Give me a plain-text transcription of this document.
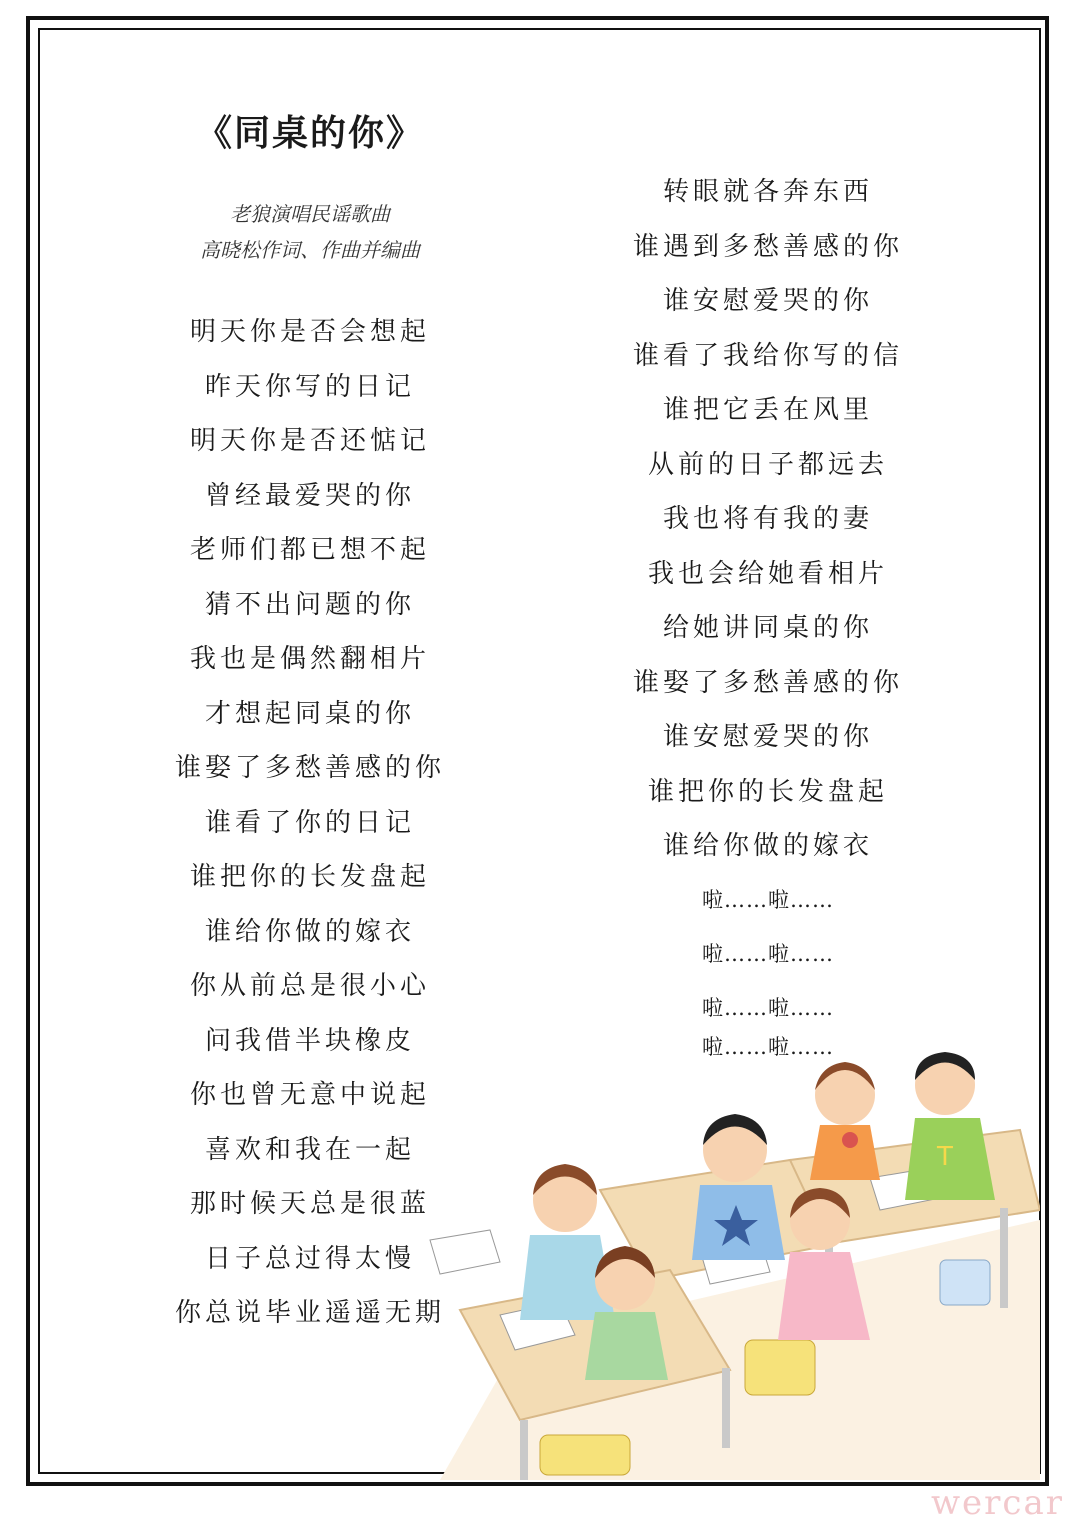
《同桌的你》
老狼演唱民谣歌曲
高晓松作词、作曲并编曲
明天你是否会想起
昨天你写的日记
明天你是否还惦记
曾经最爱哭的你
老师们都已想不起
猜不出问题的你
我也是偶然翻相片
才想起同桌的你
谁娶了多愁善感的你
谁看了你的日记
谁把你的长发盘起
谁给你做的嫁衣
你从前总是很小心
问我借半块橡皮
你也曾无意中说起
喜欢和我在一起
那时候天总是很蓝
日子总过得太慢
你总说毕业遥遥无期
转眼就各奔东西
谁遇到多愁善感的你
谁安慰爱哭的你
谁看了我给你写的信
谁把它丢在风里
从前的日子都远去
我也将有我的妻
我也会给她看相片
给她讲同桌的你
谁娶了多愁善感的你
谁安慰爱哭的你
谁把你的长发盘起
谁给你做的嫁衣
啦……啦……
啦……啦……
啦……啦……
啦……啦……
T
wercar
